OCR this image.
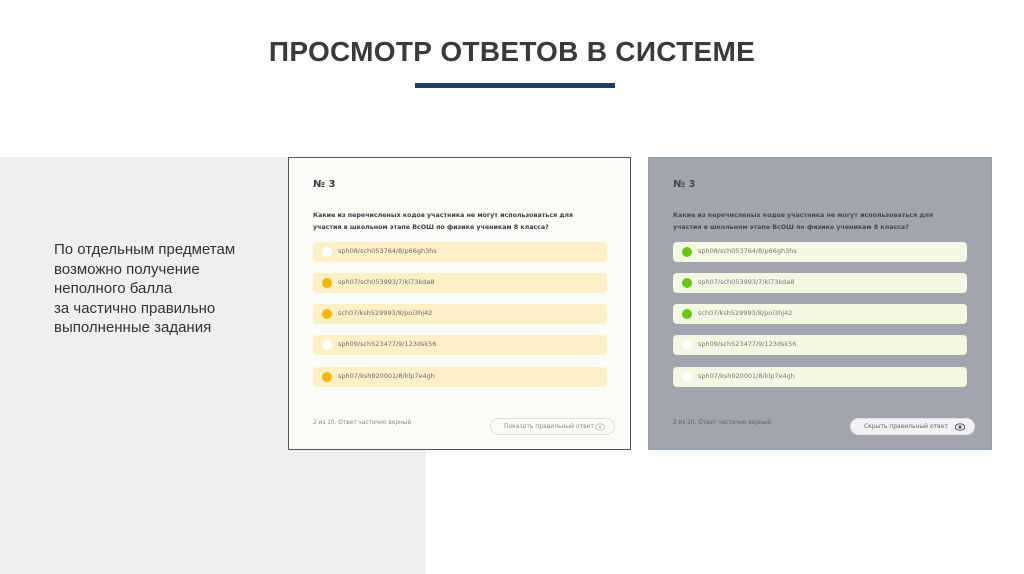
ПРОСМОТР ОТВЕТОВ В СИСТЕМЕ
По отдельным предметам
возможно получение
неполного балла
за частично правильно
выполненные задания
№ 3
Какие из перечисленых кодов участника не могут использоваться для
участия в школьном этапе ВсОШ по физике ученикам 8 класса?
sph08/sch053764/8/p66gh3hs
sph07/sch053993/7/kl73kda8
sch07/ksh529993/8/poi3hj42
sph09/sch523477/9/123dsk56
sph07/ksh920001/8/klp7e4gh
2 из 10. Ответ частично верный	Показать правильный ответ
№ 3
Какие из перечисленых кодов участника не могут использоваться для
участия в школьном этапе ВсОШ по физике ученикам 8 класса?
sph08/sch053764/8/p66gh3hs
sph07/sch053993/7/kl73kda8
sch07/ksh529993/8/poi3hj42
sph09/sch523477/9/123dsk56
sph07/ksh920001/8/klp7e4gh
2 из 10. Ответ частично верный	Скрыть правильный ответ
